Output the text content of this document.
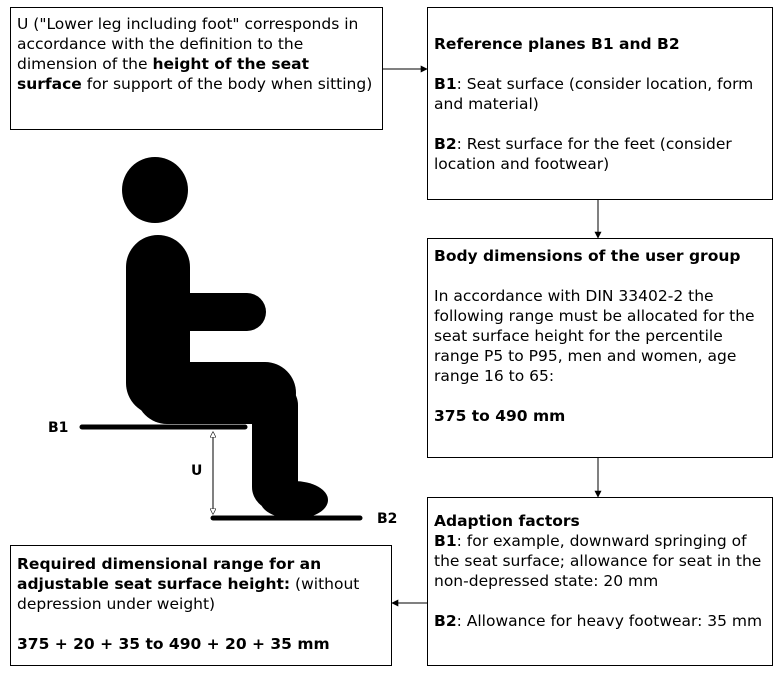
B1
B2
U

U ("Lower leg including foot" corresponds in accordance with the definition to the dimension of the height of the seat surface for support of the body when sitting)

Reference planes B1 and B2

B1: Seat surface (consider location, form and material)

B2: Rest surface for the feet (consider location and footwear)

Body dimensions of the user group

In accordance with DIN 33402-2 the following range must be allocated for the seat surface height for the percentile range P5 to P95, men and women, age range 16 to 65:

375 to 490 mm

Adaption factors

B1: for example, downward springing of the seat surface; allowance for seat in the non-depressed state: 20 mm

B2: Allowance for heavy footwear: 35 mm

Required dimensional range for an adjustable seat surface height: (without depression under weight)

375 + 20 + 35 to 490 + 20 + 35 mm
